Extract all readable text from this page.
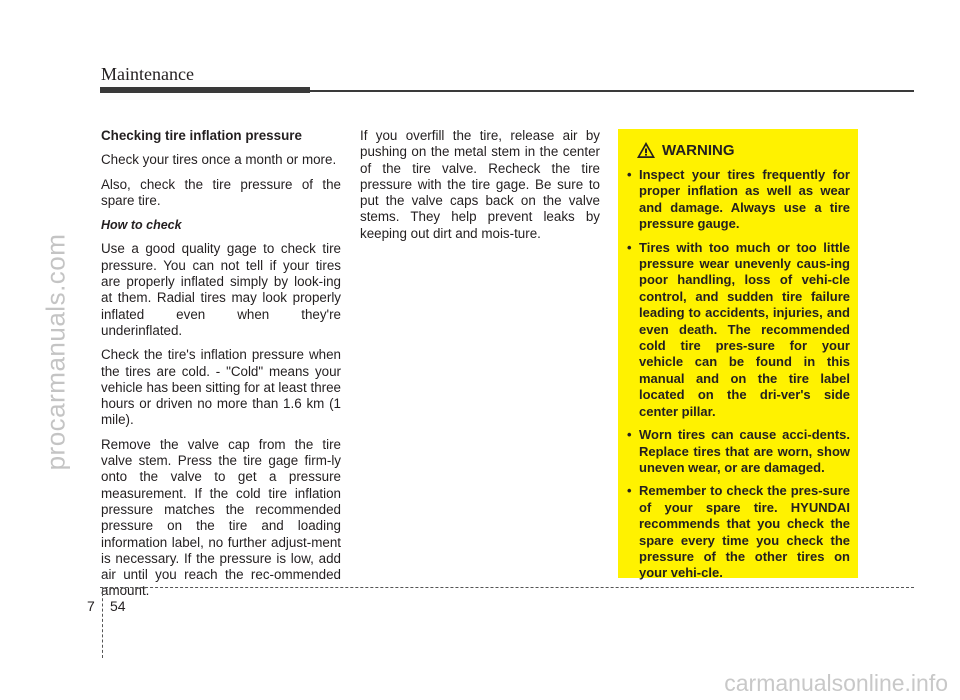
Maintenance
procarmanuals.com

Checking tire inflation pressure

Check your tires once a month or more.

Also, check the tire pressure of the spare tire.

How to check

Use a good quality gage to check tire pressure. You can not tell if your tires are properly inflated simply by look-ing at them. Radial tires may look properly inflated even when they're underinflated.

Check the tire's inflation pressure when the tires are cold. - "Cold" means your vehicle has been sitting for at least three hours or driven no more than 1.6 km (1 mile).

Remove the valve cap from the tire valve stem. Press the tire gage firm-ly onto the valve to get a pressure measurement. If the cold tire inflation pressure matches the recommended pressure on the tire and loading information label, no further adjust-ment is necessary. If the pressure is low, add air until you reach the rec-ommended amount.

If you overfill the tire, release air by pushing on the metal stem in the center of the tire valve. Recheck the tire pressure with the tire gage. Be sure to put the valve caps back on the valve stems. They help prevent leaks by keeping out dirt and mois-ture.

WARNING
• Inspect your tires frequently for proper inflation as well as wear and damage. Always use a tire pressure gauge.
• Tires with too much or too little pressure wear unevenly caus-ing poor handling, loss of vehi-cle control, and sudden tire failure leading to accidents, injuries, and even death. The recommended cold tire pres-sure for your vehicle can be found in this manual and on the tire label located on the dri-ver's side center pillar.
• Worn tires can cause acci-dents. Replace tires that are worn, show uneven wear, or are damaged.
• Remember to check the pres-sure of your spare tire. HYUNDAI recommends that you check the spare every time you check the pressure of the other tires on your vehi-cle.
7 54
carmanualsonline.info
